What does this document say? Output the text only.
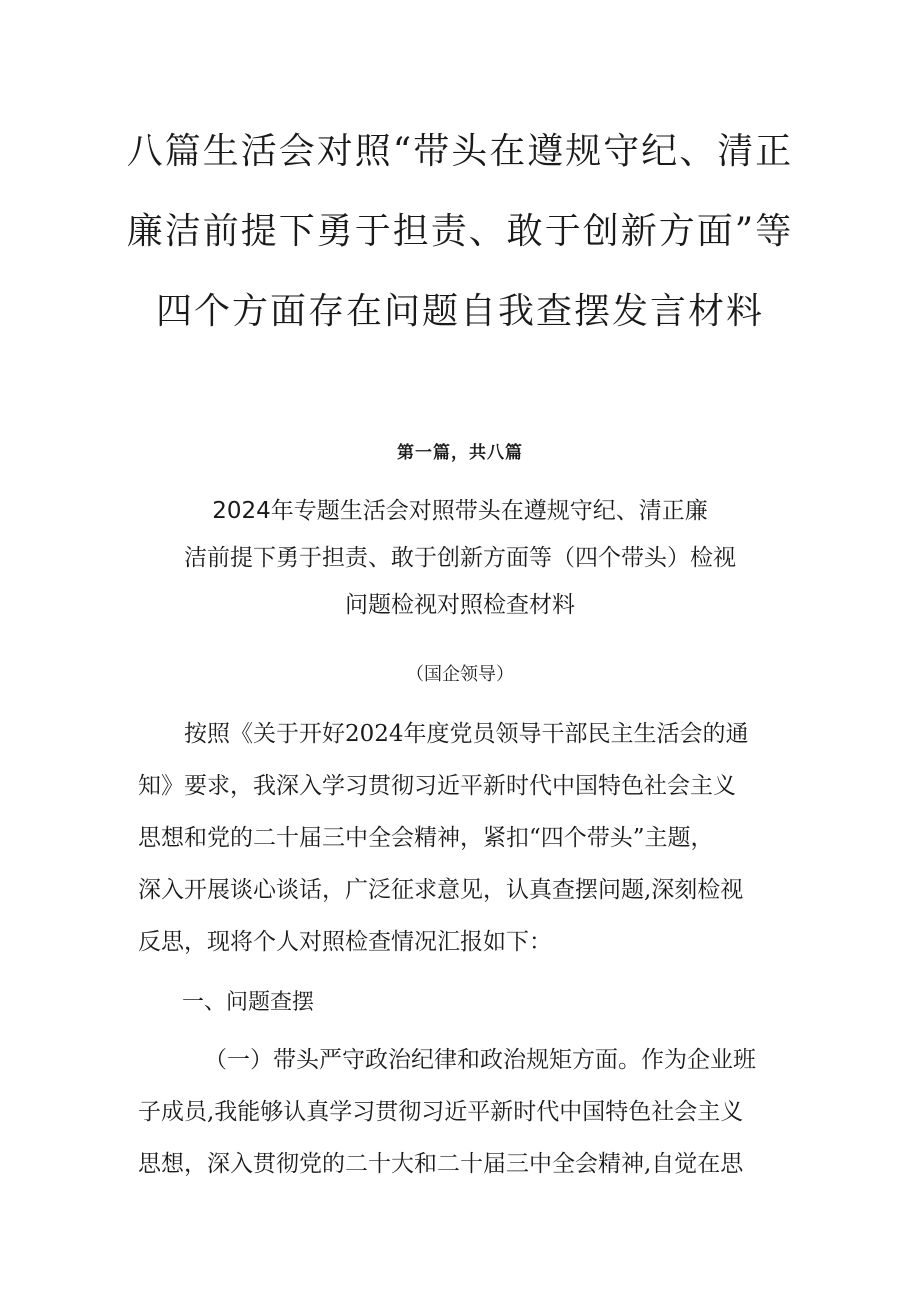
八篇生活会对照“带头在遵规守纪、清正
廉洁前提下勇于担责、敢于创新方面”等
四个方面存在问题自我查摆发言材料
第一篇，共八篇
2024年专题生活会对照带头在遵规守纪、清正廉
洁前提下勇于担责、敢于创新方面等（四个带头）检视
问题检视对照检查材料
（国企领导）

按照《关于开好2024年度党员领导干部民主生活会的通
知》要求，我深入学习贯彻习近平新时代中国特色社会主义
思想和党的二十届三中全会精神，紧扣“四个带头”主题，
深入开展谈心谈话，广泛征求意见，认真查摆问题,深刻检视
反思，现将个人对照检查情况汇报如下：

一、问题查摆

（一）带头严守政治纪律和政治规矩方面。作为企业班
子成员,我能够认真学习贯彻习近平新时代中国特色社会主义
思想，深入贯彻党的二十大和二十届三中全会精神,自觉在思
